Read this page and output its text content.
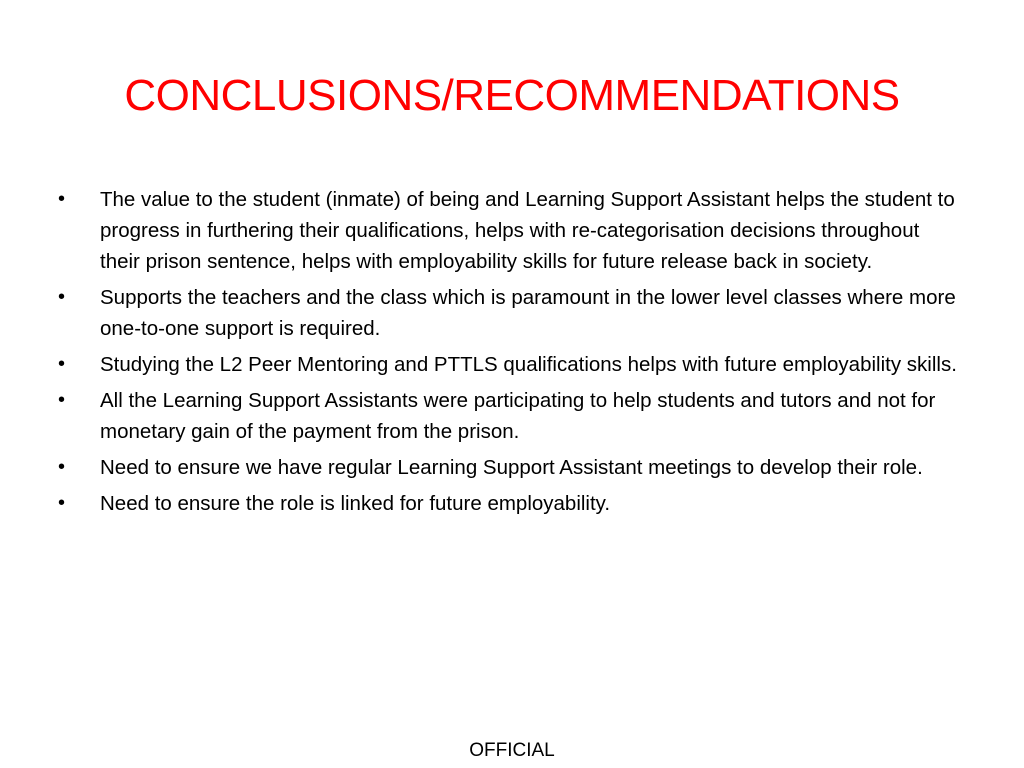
CONCLUSIONS/RECOMMENDATIONS
•	The value to the student (inmate) of being and Learning Support Assistant helps the student to progress in furthering their qualifications, helps with re-categorisation decisions throughout their prison sentence, helps with employability skills for future release back in society.
•	Supports the teachers and the class which is paramount in the lower level classes where more one-to-one support is required.
•	Studying the L2 Peer Mentoring and PTTLS qualifications helps with future employability skills.
•	All the Learning Support Assistants were participating to help students and tutors and not for monetary gain of the payment from the prison.
•	Need to ensure we have regular Learning Support Assistant meetings to develop their role.
•	Need to ensure the role is linked for future employability.
OFFICIAL
